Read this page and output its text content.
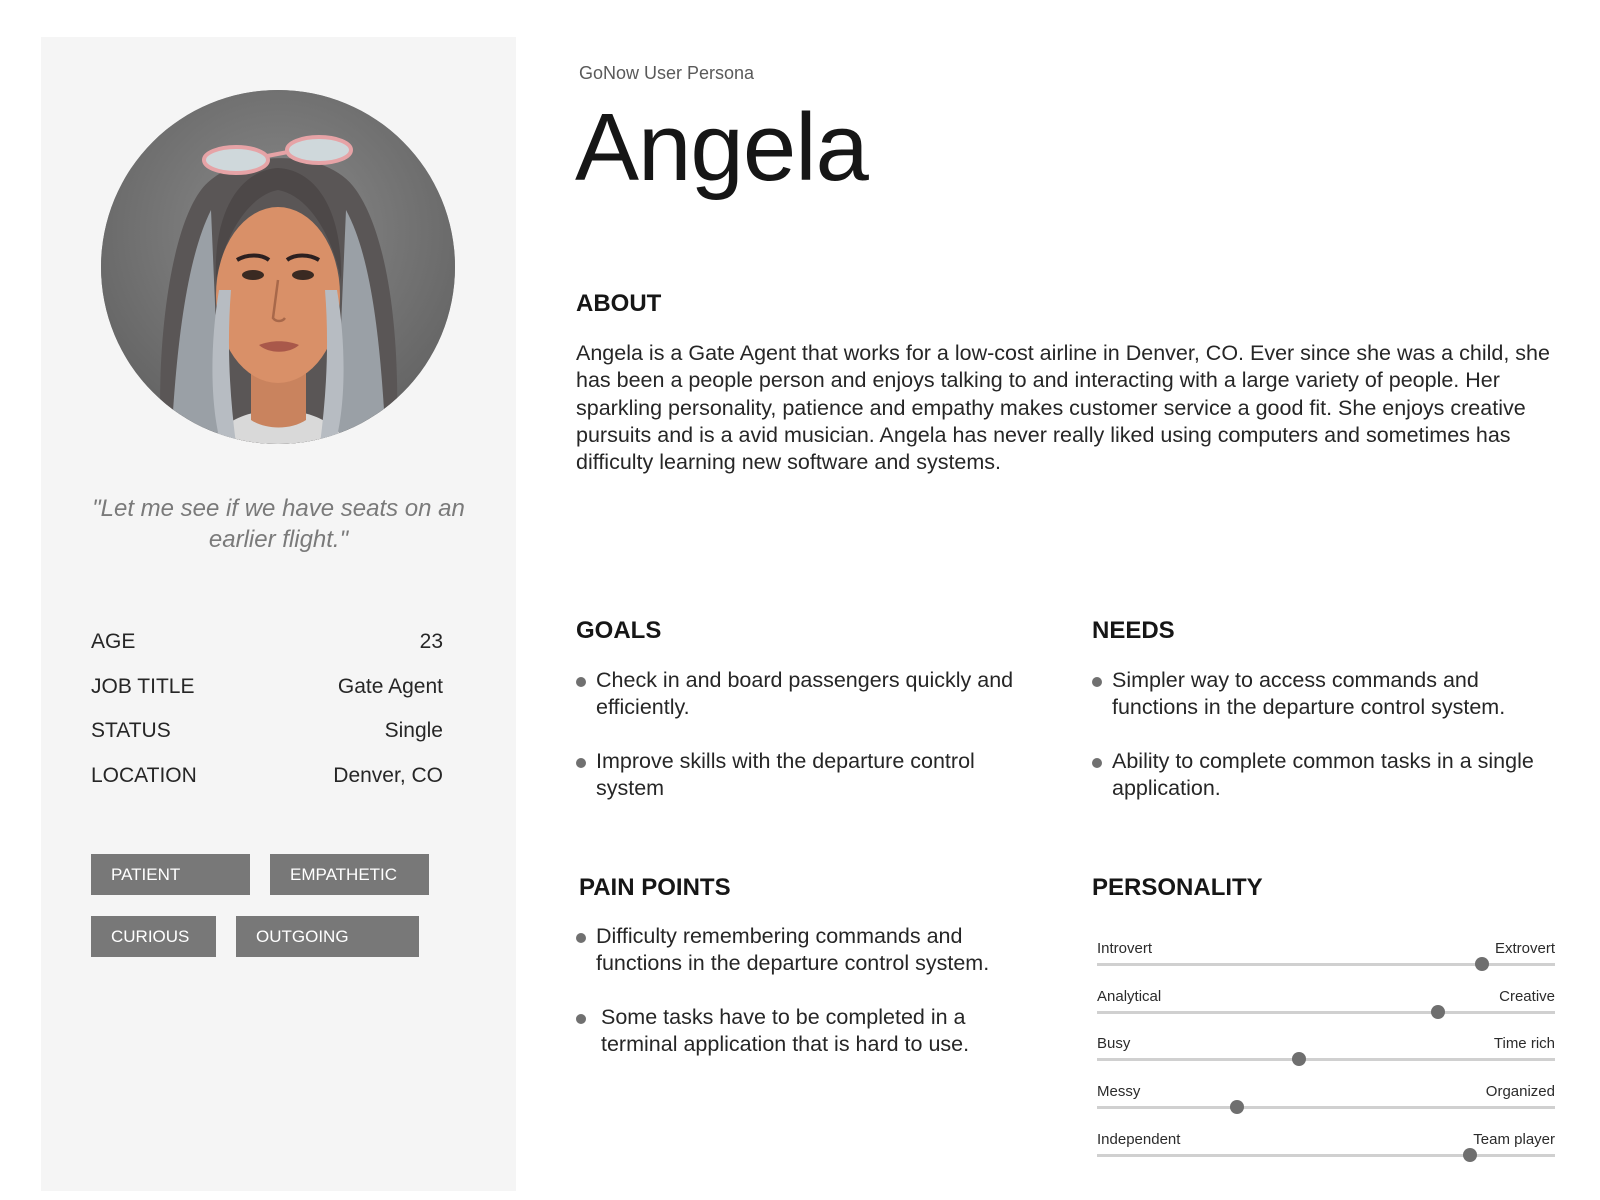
"Let me see if we have seats on an earlier flight."
AGE	23
JOB TITLE	Gate Agent
STATUS	Single
LOCATION	Denver, CO
PATIENT	EMPATHETIC
CURIOUS	OUTGOING
GoNow User Persona
Angela
ABOUT
Angela is a Gate Agent that works for a low-cost airline in Denver, CO. Ever since she was a child, she has been a people person and enjoys talking to and interacting with a large variety of people. Her sparkling personality, patience and empathy makes customer service a good fit. She enjoys creative pursuits and is a avid musician. Angela has never really liked using computers and sometimes has difficulty learning new software and systems.
GOALS
Check in and board passengers quickly and efficiently.
Improve skills with the departure control system
NEEDS
Simpler way to access commands and functions in the departure control system.
Ability to complete common tasks in a single application.
PAIN POINTS
Difficulty remembering commands and functions in the departure control system.
Some tasks have to be completed in a terminal application that is hard to use.
PERSONALITY
Introvert	Extrovert
Analytical	Creative
Busy	Time rich
Messy	Organized
Independent	Team player
